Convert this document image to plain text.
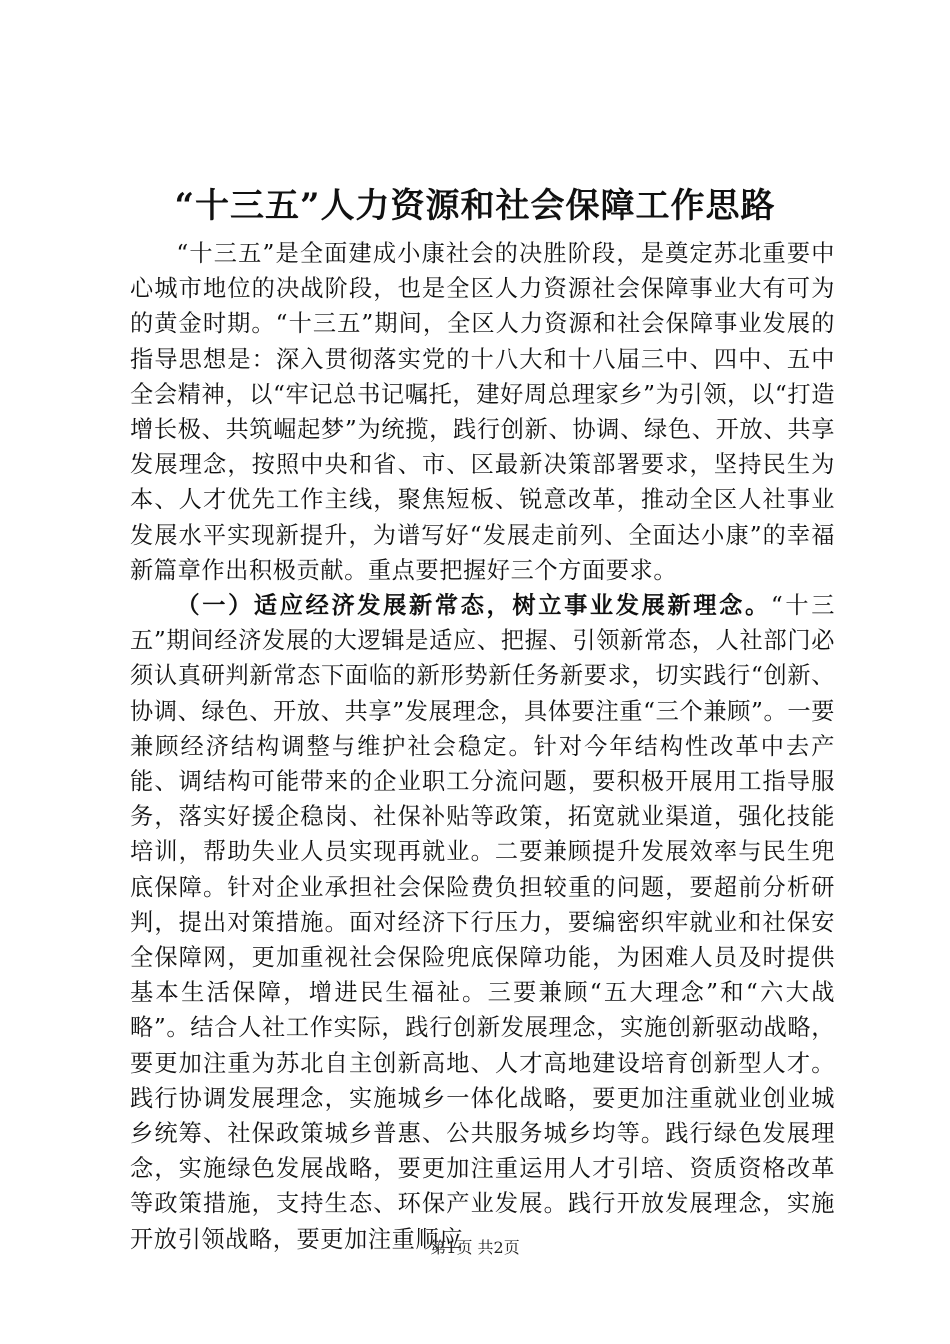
“十三五”人力资源和社会保障工作思路

“十三五”是全面建成小康社会的决胜阶段，是奠定苏北重要中心城市地位的决战阶段，也是全区人力资源社会保障事业大有可为的黄金时期。“十三五”期间，全区人力资源和社会保障事业发展的指导思想是：深入贯彻落实党的十八大和十八届三中、四中、五中全会精神，以“牢记总书记嘱托，建好周总理家乡”为引领，以“打造增长极、共筑崛起梦”为统揽，践行创新、协调、绿色、开放、共享发展理念，按照中央和省、市、区最新决策部署要求，坚持民生为本、人才优先工作主线，聚焦短板、锐意改革，推动全区人社事业发展水平实现新提升，为谱写好“发展走前列、全面达小康”的幸福新篇章作出积极贡献。重点要把握好三个方面要求。

（一）适应经济发展新常态，树立事业发展新理念。“十三五”期间经济发展的大逻辑是适应、把握、引领新常态，人社部门必须认真研判新常态下面临的新形势新任务新要求，切实践行“创新、协调、绿色、开放、共享”发展理念，具体要注重“三个兼顾”。一要兼顾经济结构调整与维护社会稳定。针对今年结构性改革中去产能、调结构可能带来的企业职工分流问题，要积极开展用工指导服务，落实好援企稳岗、社保补贴等政策，拓宽就业渠道，强化技能培训，帮助失业人员实现再就业。二要兼顾提升发展效率与民生兜底保障。针对企业承担社会保险费负担较重的问题，要超前分析研判，提出对策措施。面对经济下行压力，要编密织牢就业和社保安全保障网，更加重视社会保险兜底保障功能，为困难人员及时提供基本生活保障，增进民生福祉。三要兼顾“五大理念”和“六大战略”。结合人社工作实际，践行创新发展理念，实施创新驱动战略，要更加注重为苏北自主创新高地、人才高地建设培育创新型人才。践行协调发展理念，实施城乡一体化战略，要更加注重就业创业城乡统筹、社保政策城乡普惠、公共服务城乡均等。践行绿色发展理念，实施绿色发展战略，要更加注重运用人才引培、资质资格改革等政策措施，支持生态、环保产业发展。践行开放发展理念，实施开放引领战略，要更加注重顺应

第1页 共2页
